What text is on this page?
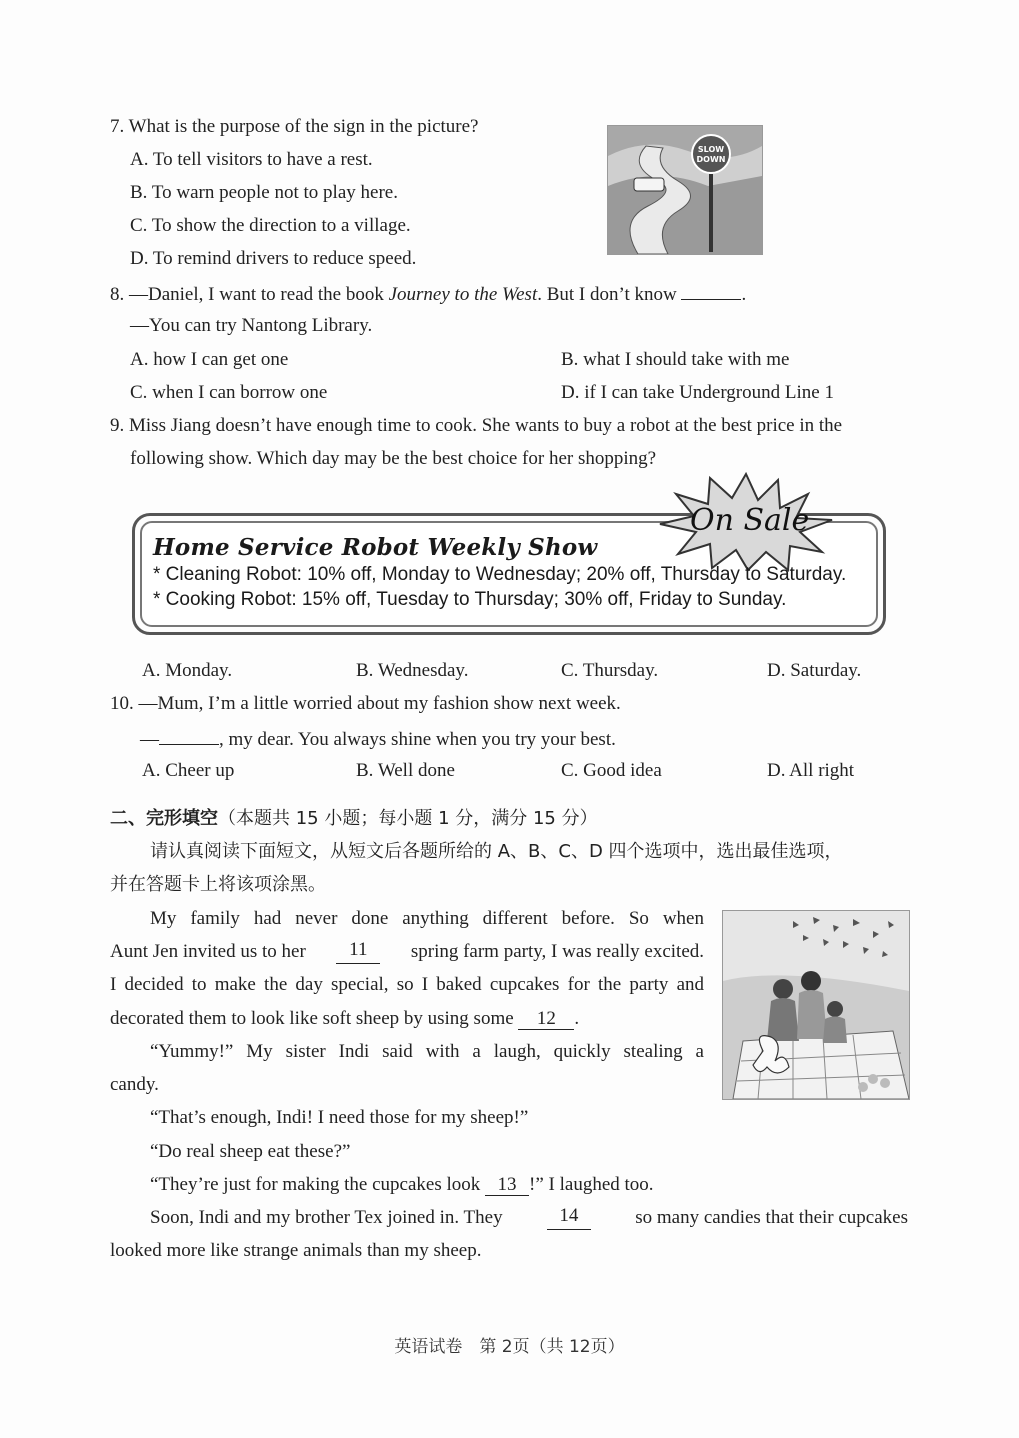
7. What is the purpose of the sign in the picture?
A. To tell visitors to have a rest.
B. To warn people not to play here.
C. To show the direction to a village.
D. To remind drivers to reduce speed.
SLOW
DOWN
8. —Daniel, I want to read the book Journey to the West. But I don’t know	.
—You can try Nantong Library.
A. how I can get one	B. what I should take with me
C. when I can borrow one	D. if I can take Underground Line 1
9. Miss Jiang doesn’t have enough time to cook. She wants to buy a robot at the best price in the
following show. Which day may be the best choice for her shopping?
On Sale
Home Service Robot Weekly Show
* Cleaning Robot: 10% off, Monday to Wednesday; 20% off, Thursday to Saturday.
* Cooking Robot: 15% off, Tuesday to Thursday; 30% off, Friday to Sunday.
A. Monday.	B. Wednesday.	C. Thursday.	D. Saturday.
10. —Mum, I’m a little worried about my fashion show next week.
—	, my dear. You always shine when you try your best.
A. Cheer up	B. Well done	C. Good idea	D. All right
二、完形填空（本题共 15 小题；每小题 1 分，满分 15 分）
请认真阅读下面短文，从短文后各题所给的 A、B、C、D 四个选项中，选出最佳选项，
并在答题卡上将该项涂黑。
My family had never done anything different before. So when
Aunt Jen invited us to her	11	spring farm party, I was really excited.
I decided to make the day special, so I baked cupcakes for the party and
decorated them to look like soft sheep by using some 12 .
“Yummy!” My sister Indi said with a laugh, quickly stealing a
candy.
“That’s enough, Indi! I need those for my sheep!”
“Do real sheep eat these?”
“They’re just for making the cupcakes look 13 !” I laughed too.
Soon, Indi and my brother Tex joined in. They	14	so many candies that their cupcakes
looked more like strange animals than my sheep.
英语试卷　第 2页（共 12页）
